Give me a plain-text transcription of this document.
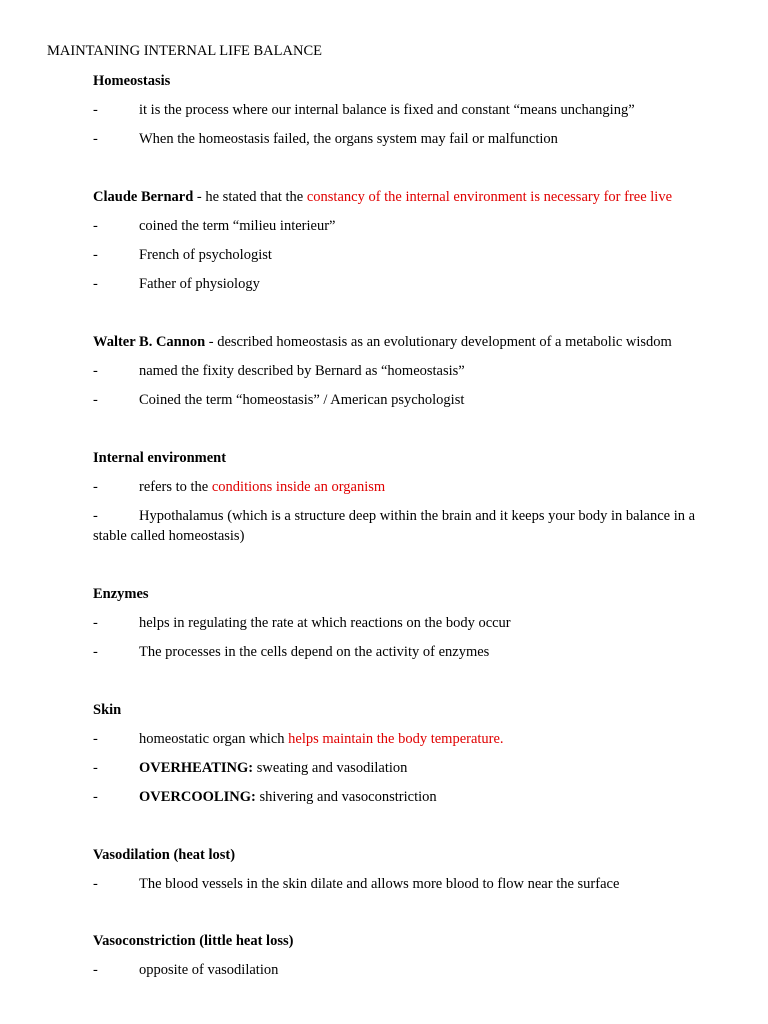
MAINTANING INTERNAL LIFE BALANCE
Homeostasis
-	it is the process where our internal balance is fixed and constant “means unchanging”
-	When the homeostasis failed, the organs system may fail or malfunction
Claude Bernard - he stated that the constancy of the internal environment is necessary for free live
-	coined the term “milieu interieur”
-	French of psychologist
-	Father of physiology
Walter B. Cannon - described homeostasis as an evolutionary development of a metabolic wisdom
-	named the fixity described by Bernard as “homeostasis”
-	Coined the term “homeostasis” / American psychologist
Internal environment
-	refers to the conditions inside an organism
-	Hypothalamus (which is a structure deep within the brain and it keeps your body in balance in a stable called homeostasis)
Enzymes
-	helps in regulating the rate at which reactions on the body occur
-	The processes in the cells depend on the activity of enzymes
Skin
-	homeostatic organ which helps maintain the body temperature.
-	OVERHEATING: sweating and vasodilation
-	OVERCOOLING: shivering and vasoconstriction
Vasodilation (heat lost)
-	The blood vessels in the skin dilate and allows more blood to flow near the surface
Vasoconstriction (little heat loss)
-	opposite of vasodilation
